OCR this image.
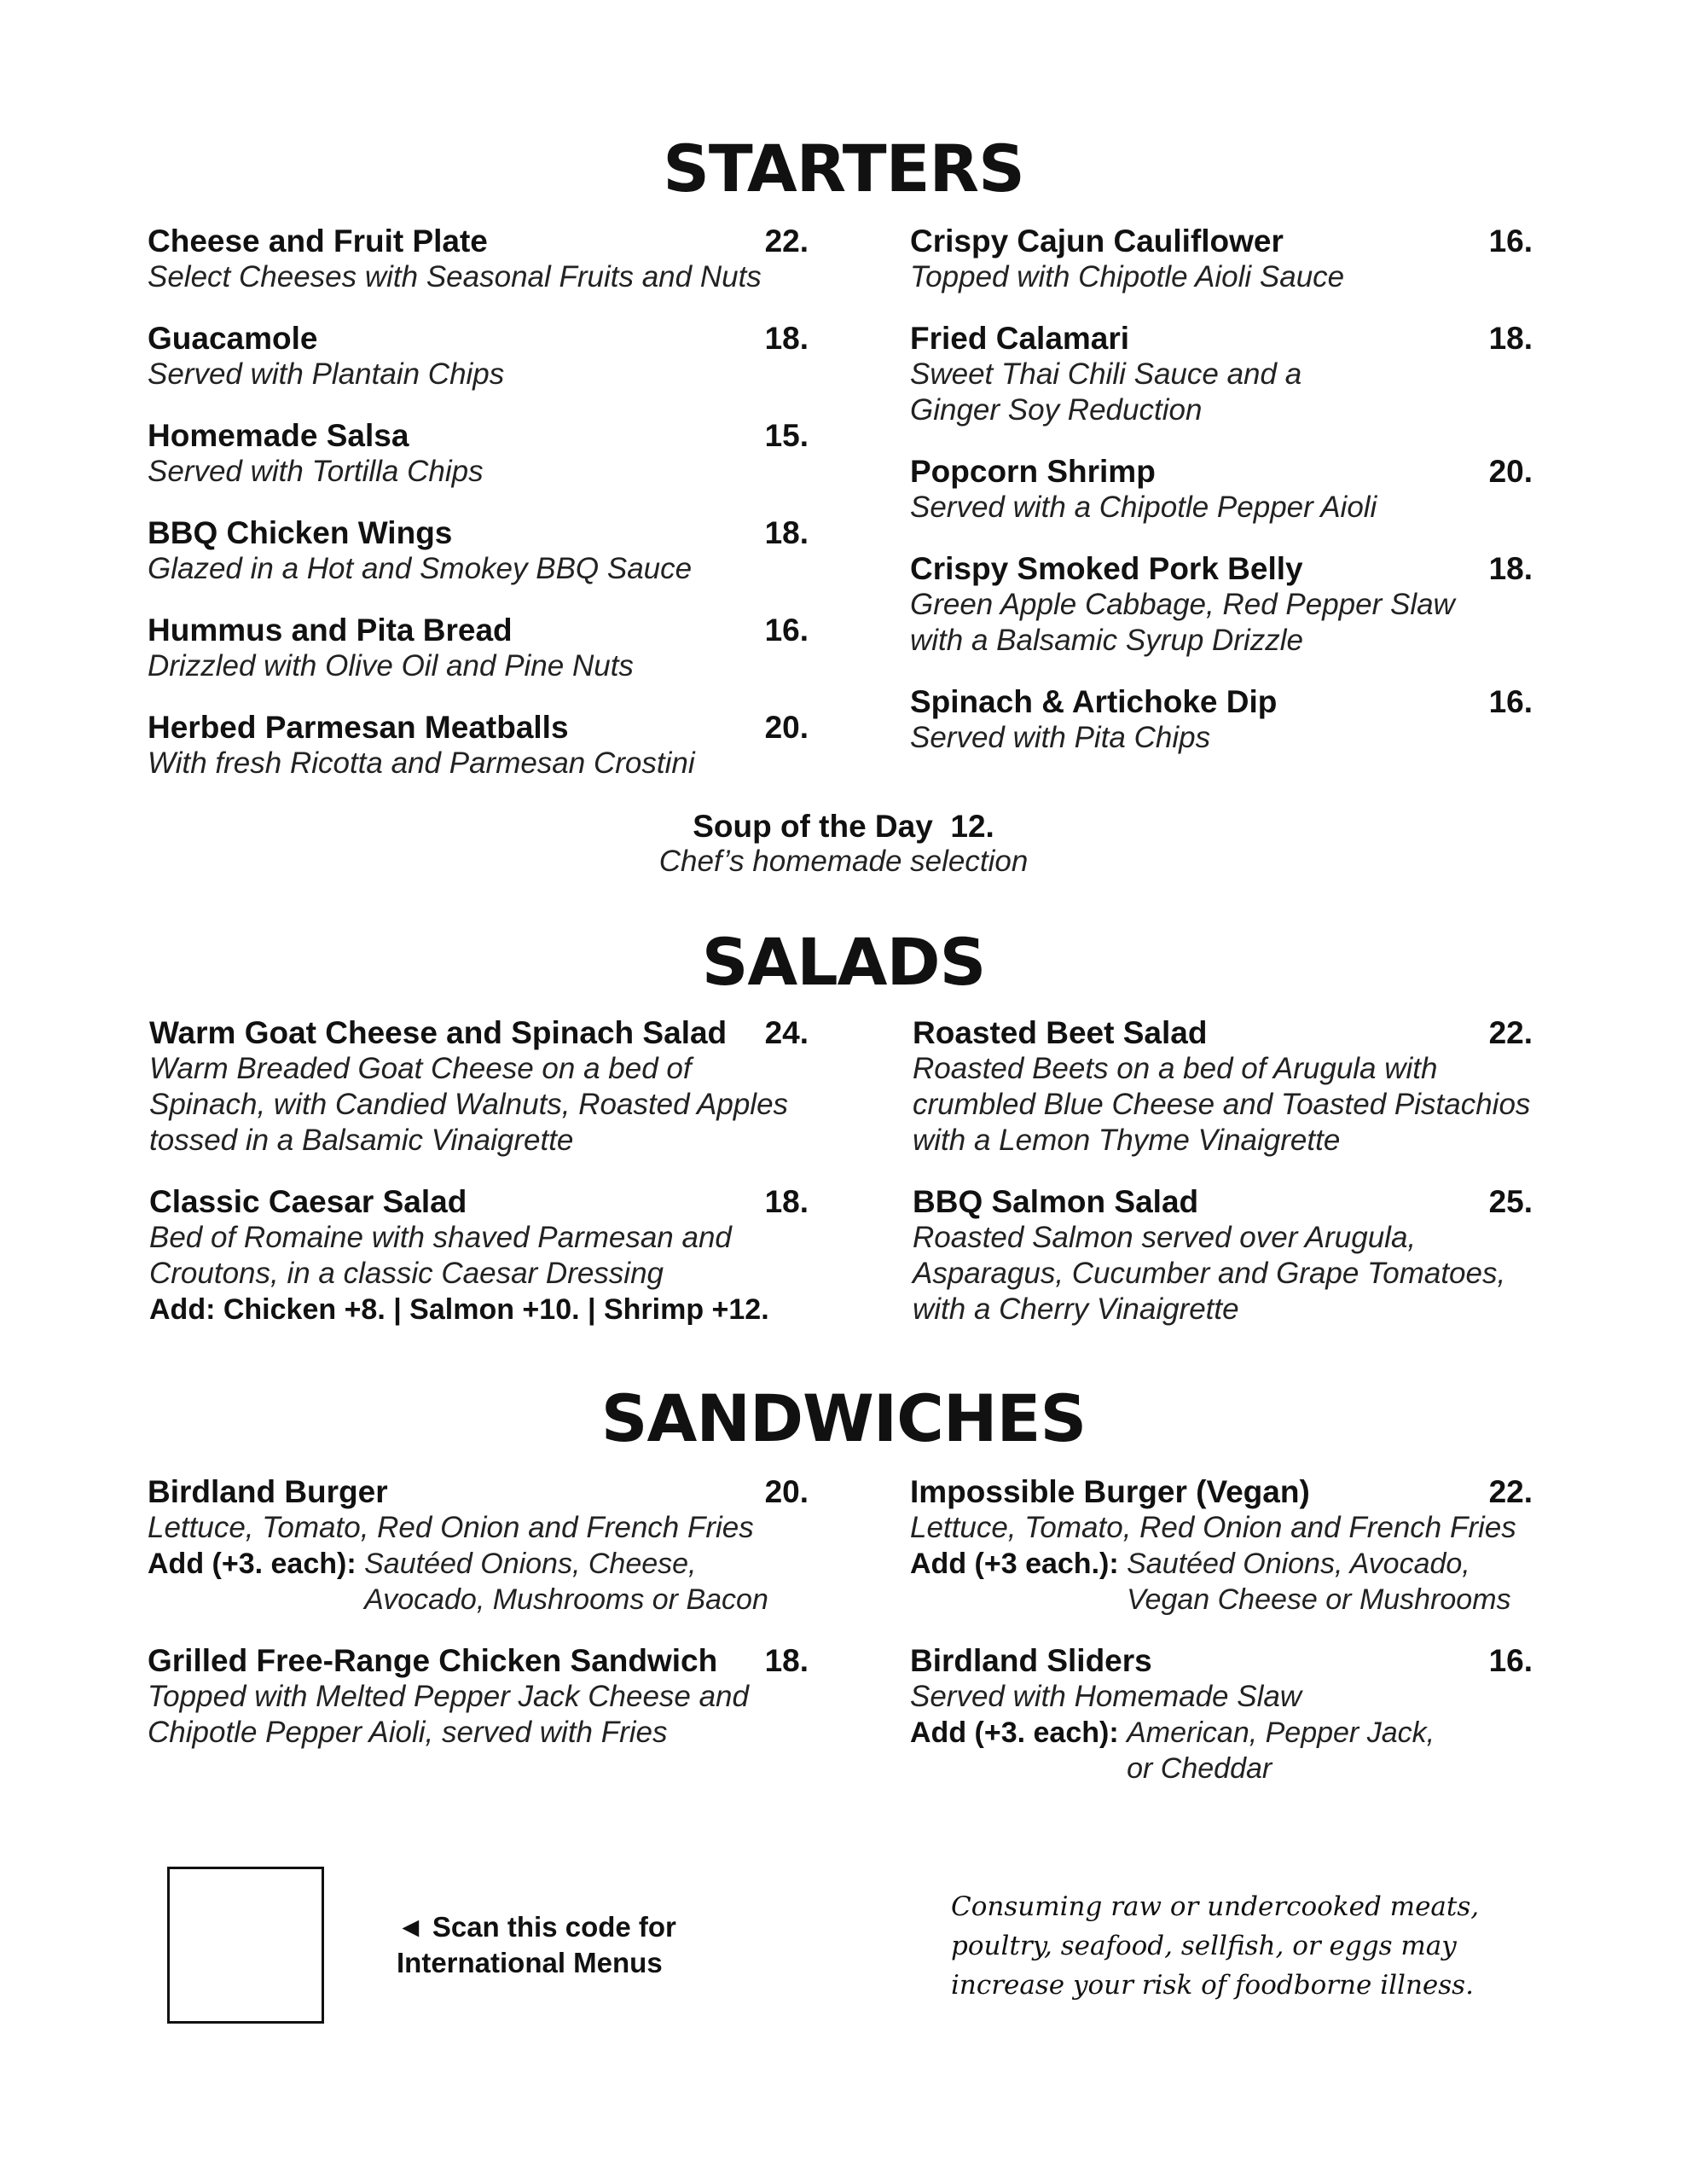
STARTERS
Cheese and Fruit Plate	22.
Select Cheeses with Seasonal Fruits and Nuts
Guacamole	18.
Served with Plantain Chips
Homemade Salsa	15.
Served with Tortilla Chips
BBQ Chicken Wings	18.
Glazed in a Hot and Smokey BBQ Sauce
Hummus and Pita Bread	16.
Drizzled with Olive Oil and Pine Nuts
Herbed Parmesan Meatballs	20.
With fresh Ricotta and Parmesan Crostini
Crispy Cajun Cauliflower	16.
Topped with Chipotle Aioli Sauce
Fried Calamari	18.
Sweet Thai Chili Sauce and a
Ginger Soy Reduction
Popcorn Shrimp	20.
Served with a Chipotle Pepper Aioli
Crispy Smoked Pork Belly	18.
Green Apple Cabbage, Red Pepper Slaw
with a Balsamic Syrup Drizzle
Spinach & Artichoke Dip	16.
Served with Pita Chips
Soup of the Day 12.
Chef’s homemade selection
SALADS
Warm Goat Cheese and Spinach Salad 24.
Warm Breaded Goat Cheese on a bed of
Spinach, with Candied Walnuts, Roasted Apples
tossed in a Balsamic Vinaigrette
Classic Caesar Salad	18.
Bed of Romaine with shaved Parmesan and
Croutons, in a classic Caesar Dressing
Add: Chicken +8. | Salmon +10. | Shrimp +12.
Roasted Beet Salad	22.
Roasted Beets on a bed of Arugula with
crumbled Blue Cheese and Toasted Pistachios
with a Lemon Thyme Vinaigrette
BBQ Salmon Salad	25.
Roasted Salmon served over Arugula,
Asparagus, Cucumber and Grape Tomatoes,
with a Cherry Vinaigrette
SANDWICHES
Birdland Burger	20.
Lettuce, Tomato, Red Onion and French Fries
Add (+3. each):
Sautéed Onions, Cheese,
Avocado, Mushrooms or Bacon
Grilled Free-Range Chicken Sandwich 18.
Topped with Melted Pepper Jack Cheese and
Chipotle Pepper Aioli, served with Fries
Impossible Burger (Vegan)	22.
Lettuce, Tomato, Red Onion and French Fries
Add (+3 each.):
Sautéed Onions, Avocado,
Vegan Cheese or Mushrooms
Birdland Sliders	16.
Served with Homemade Slaw
Add (+3. each):
American, Pepper Jack,
or Cheddar
◄ Scan this code for
International Menus
Consuming raw or undercooked meats, poultry, seafood, sellfish, or eggs may increase your risk of foodborne illness.
